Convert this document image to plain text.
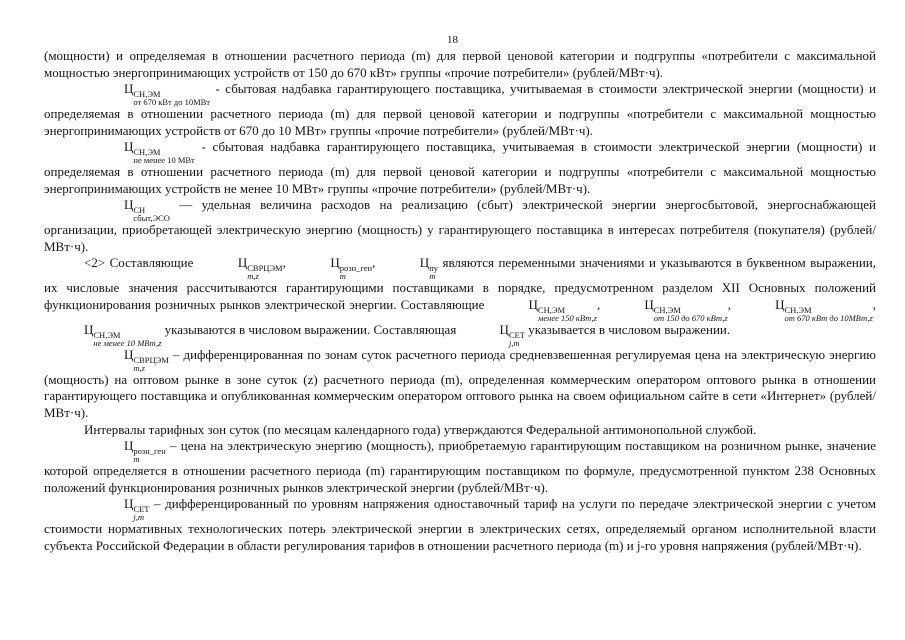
18

(мощности) и определяемая в отношении расчетного периода (m) для первой ценовой категории и подгруппы «потребители с максимальной мощностью энергопринимающих устройств от 150 до 670 кВт» группы «прочие потребители» (рублей/МВт·ч).

Ц СН,ЭМ
от 670 кВт до 10МВт
- сбытовая надбавка гарантирующего поставщика, учитываемая в стоимости электрической энергии (мощности) и определяемая в отношении расчетного периода (m) для первой ценовой категории и подгруппы «потребители с максимальной мощностью энергопринимающих устройств от 670 до 10 МВт» группы «прочие потребители» (рублей/МВт·ч).

Ц СН,ЭМ
не менее 10 МВт
- сбытовая надбавка гарантирующего поставщика, учитываемая в стоимости электрической энергии (мощности) и определяемая в отношении расчетного периода (m) для первой ценовой категории и подгруппы «потребители с максимальной мощностью энергопринимающих устройств не менее 10 МВт» группы «прочие потребители» (рублей/МВт·ч).

Ц СН
сбыт,ЭСО
— удельная величина расходов на реализацию (сбыт) электрической энергии энергосбытовой, энергоснабжающей организации, приобретающей электрическую энергию (мощность) у гарантирующего поставщика в интересах потребителя (покупателя) (рублей/МВт·ч).

<2> Составляющие	Ц СВРЦЭМ
m,z
,	Ц розн_ген
m
,	Ц пу
m
являются переменными значениями и указываются в буквенном выражении, их числовые значения рассчитываются гарантирующими поставщиками в порядке, предусмотренном разделом XII Основных положений функционирования розничных рынков электрической энергии. Составляющие	Ц СН,ЭМ
менее 150 кВт,z
,	Ц СН,ЭМ
от 150 до 670 кВт,z
,	Ц СН,ЭМ
от 670 кВт до 10МВт,z
, Ц СН,ЭМ
не менее 10 МВт,z
указываются в числовом выражении. Составляющая	Ц СЕТ
j,m
указывается в числовом выражении.

Ц СВРЦЭМ
m,z
– дифференцированная по зонам суток расчетного периода средневзвешенная регулируемая цена на электрическую энергию (мощность) на оптовом рынке в зоне суток (z) расчетного периода (m), определенная коммерческим оператором оптового рынка в отношении гарантирующего поставщика и опубликованная коммерческим оператором оптового рынка на своем официальном сайте в сети «Интернет» (рублей/МВт·ч).

Интервалы тарифных зон суток (по месяцам календарного года) утверждаются Федеральной антимонопольной службой.

Ц розн_ген
m
– цена на электрическую энергию (мощность), приобретаемую гарантирующим поставщиком на розничном рынке, значение которой определяется в отношении расчетного периода (m) гарантирующим поставщиком по формуле, предусмотренной пунктом 238 Основных положений функционирования розничных рынков электрической энергии (рублей/МВт·ч).

Ц СЕТ
j,m
– дифференцированный по уровням напряжения одноставочный тариф на услуги по передаче электрической энергии с учетом стоимости нормативных технологических потерь электрической энергии в электрических сетях, определяемый органом исполнительной власти субъекта Российской Федерации в области регулирования тарифов в отношении расчетного периода (m) и j-го уровня напряжения (рублей/МВт·ч).
